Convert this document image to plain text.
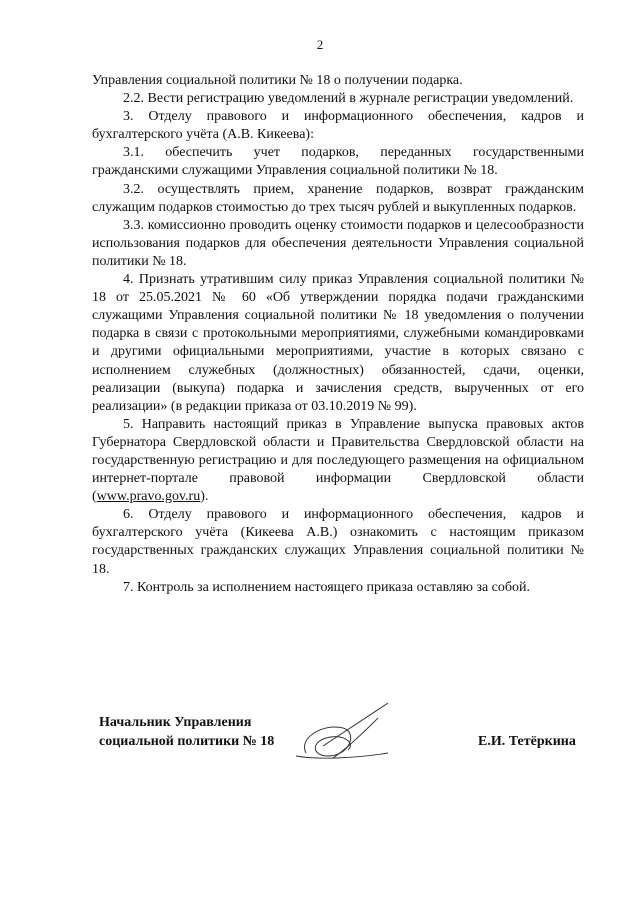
2

Управления социальной политики № 18 о получении подарка.

2.2. Вести регистрацию уведомлений в журнале регистрации уведомлений.

3. Отделу правового и информационного обеспечения, кадров и бухгалтерского учёта (А.В. Кикеева):

3.1. обеспечить учет подарков, переданных государственными гражданскими служащими Управления социальной политики № 18.

3.2. осуществлять прием, хранение подарков, возврат гражданским служащим подарков стоимостью до трех тысяч рублей и выкупленных подарков.

3.3. комиссионно проводить оценку стоимости подарков и целесообразности использования подарков для обеспечения деятельности Управления социальной политики № 18.

4. Признать утратившим силу приказ Управления социальной политики № 18 от 25.05.2021 № 60 «Об утверждении порядка подачи гражданскими служащими Управления социальной политики № 18 уведомления о получении подарка в связи с протокольными мероприятиями, служебными командировками и другими официальными мероприятиями, участие в которых связано с исполнением служебных (должностных) обязанностей, сдачи, оценки, реализации (выкупа) подарка и зачисления средств, вырученных от его реализации» (в редакции приказа от 03.10.2019 № 99).

5. Направить настоящий приказ в Управление выпуска правовых актов Губернатора Свердловской области и Правительства Свердловской области на государственную регистрацию и для последующего размещения на официальном интернет-портале правовой информации Свердловской области (www.pravo.gov.ru).

6. Отделу правового и информационного обеспечения, кадров и бухгалтерского учёта (Кикеева А.В.) ознакомить с настоящим приказом государственных гражданских служащих Управления социальной политики № 18.

7. Контроль за исполнением настоящего приказа оставляю за собой.

Начальник Управления
социальной политики № 18	Е.И. Тетёркина
